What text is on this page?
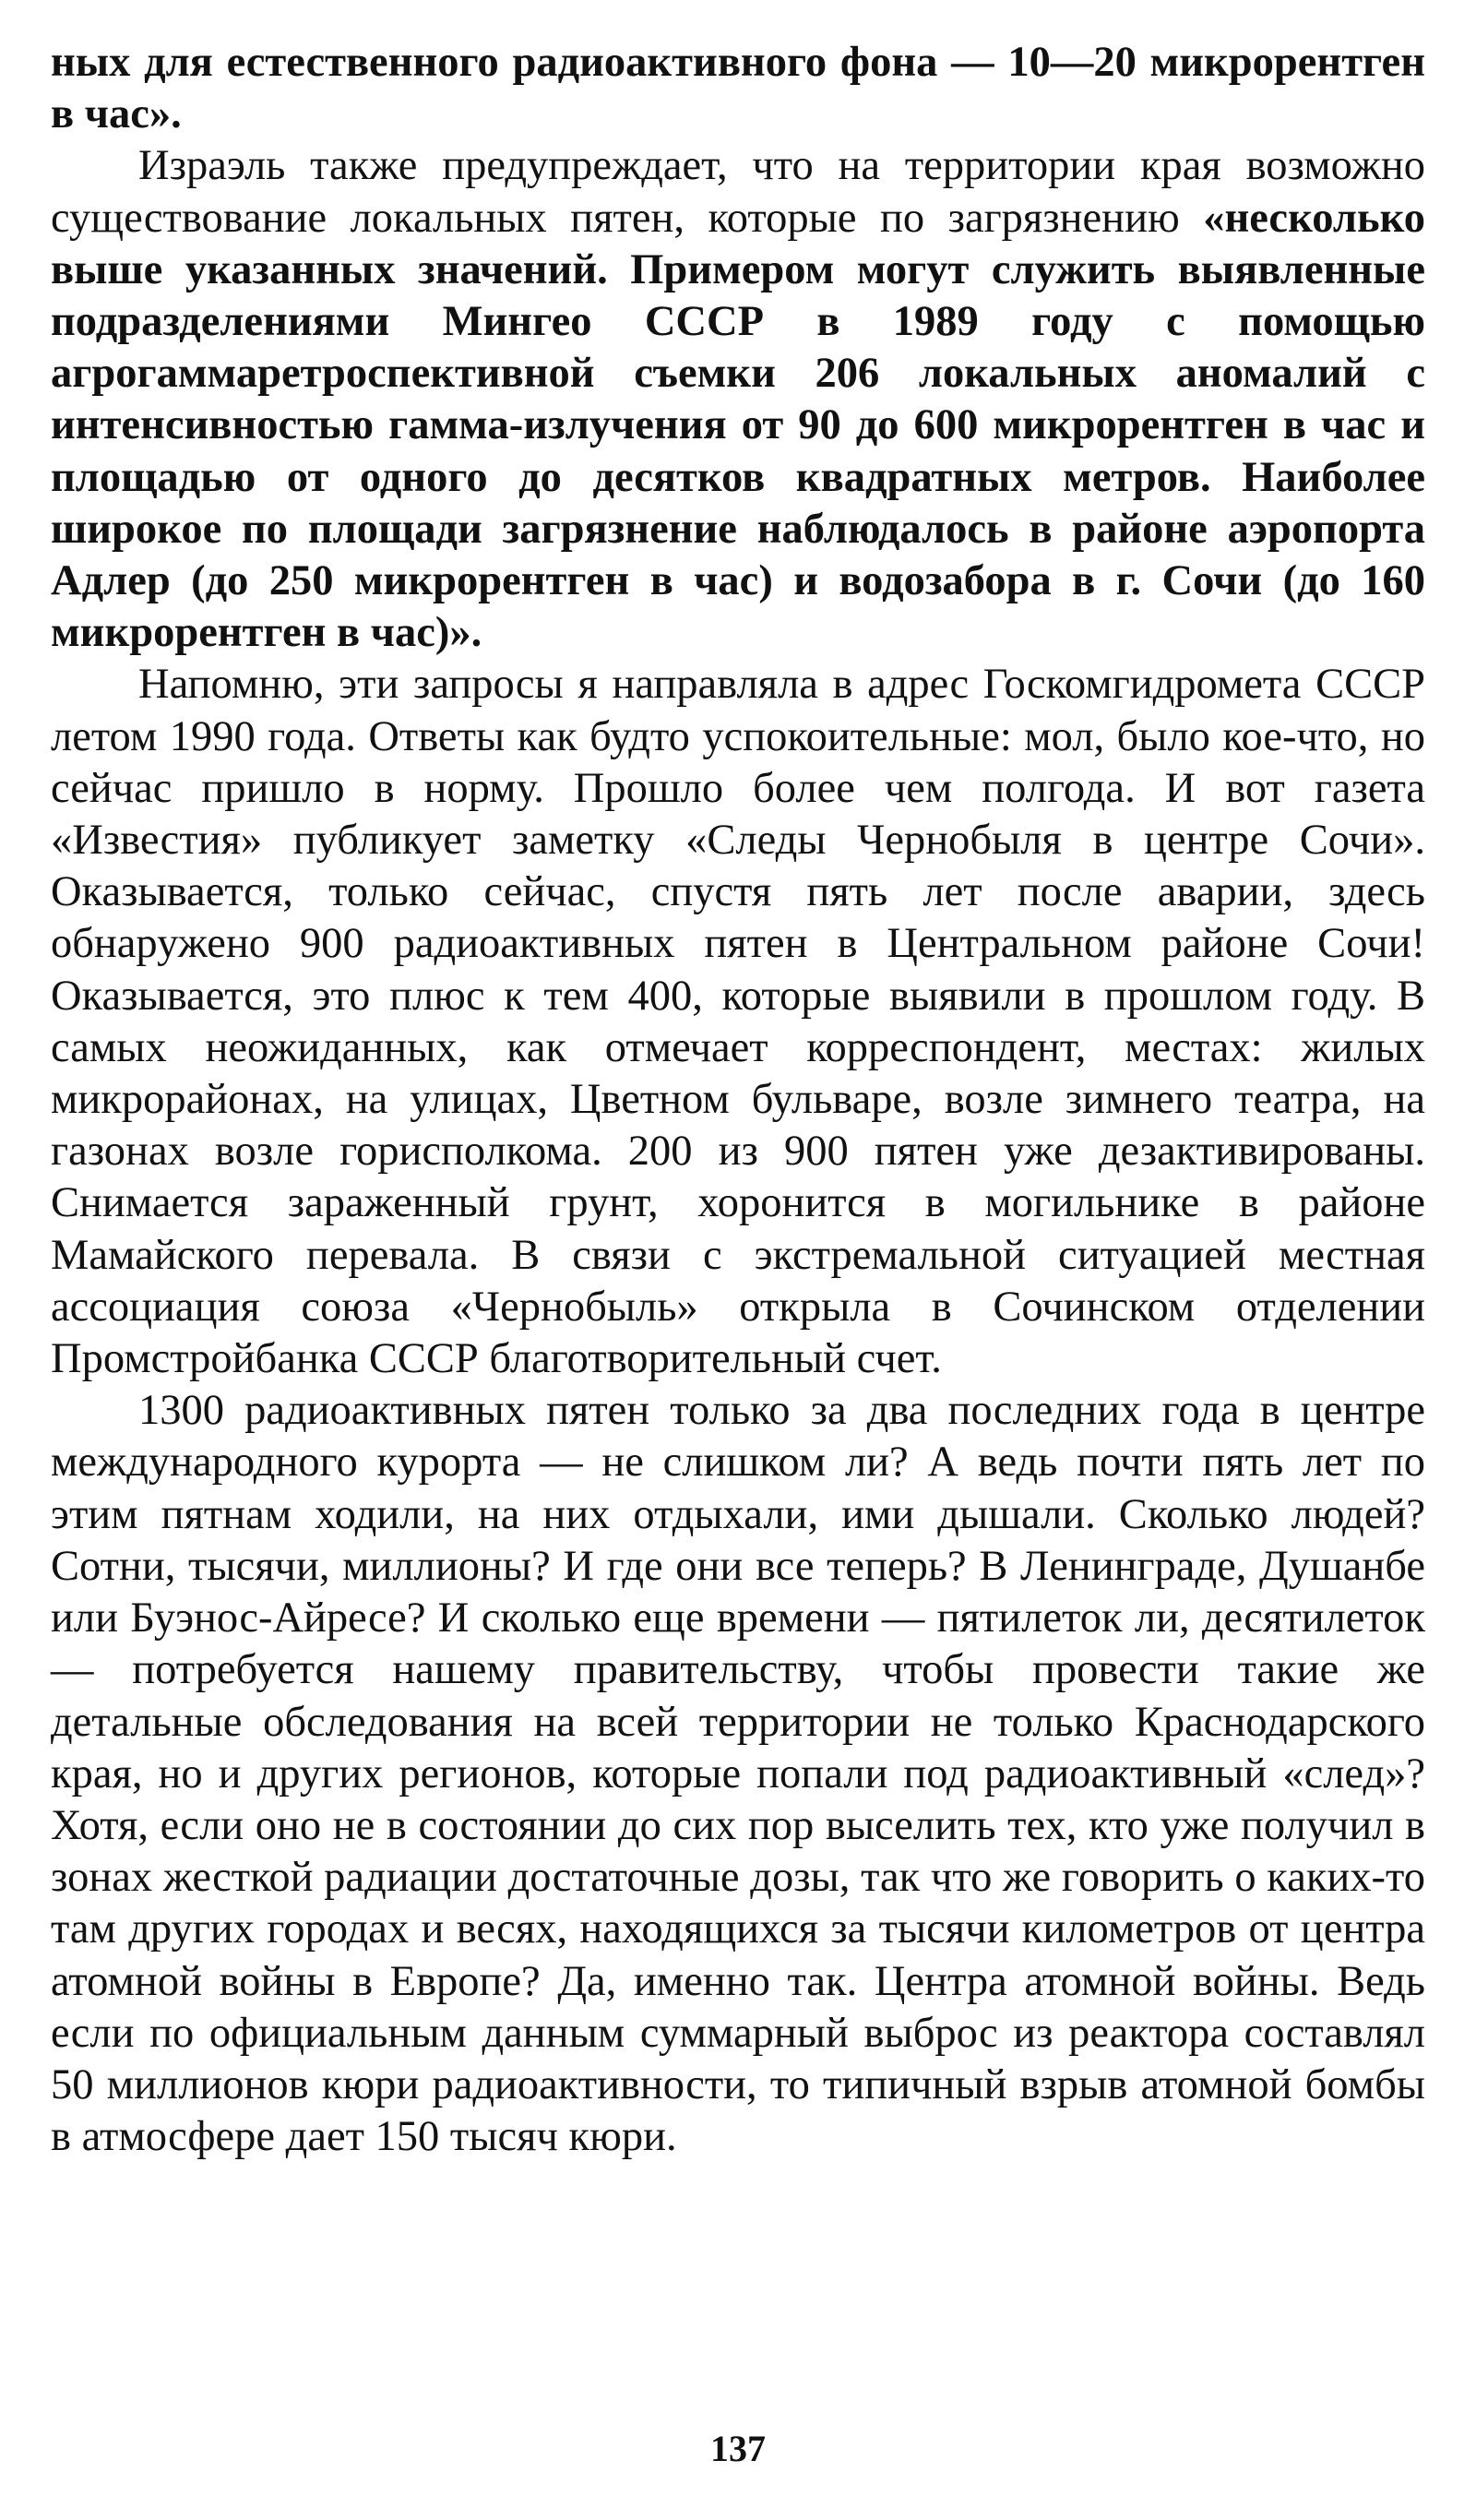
ных для естественного радиоактивного фона — 10—20 микрорентген в час».

Израэль также предупреждает, что на территории края возможно существование локальных пятен, которые по загрязнению «несколько выше указанных значений. Примером могут служить выявленные подразделениями Мингео СССР в 1989 году с помощью агрогаммаретроспективной съемки 206 локальных аномалий с интенсивностью гамма-излучения от 90 до 600 микрорентген в час и площадью от одного до десятков квадратных метров. Наиболее широкое по площади загрязнение наблюдалось в районе аэропорта Адлер (до 250 микрорентген в час) и водозабора в г. Сочи (до 160 микрорентген в час)».

Напомню, эти запросы я направляла в адрес Госкомгидромета СССР летом 1990 года. Ответы как будто успокоительные: мол, было кое-что, но сейчас пришло в норму. Прошло более чем полгода. И вот газета «Известия» публикует заметку «Следы Чернобыля в центре Сочи». Оказывается, только сейчас, спустя пять лет после аварии, здесь обнаружено 900 радиоактивных пятен в Центральном районе Сочи! Оказывается, это плюс к тем 400, которые выявили в прошлом году. В самых неожиданных, как отмечает корреспондент, местах: жилых микрорайонах, на улицах, Цветном бульваре, возле зимнего театра, на газонах возле горисполкома. 200 из 900 пятен уже дезактивированы. Снимается зараженный грунт, хоронится в могильнике в районе Мамайского перевала. В связи с экстремальной ситуацией местная ассоциация союза «Чернобыль» открыла в Сочинском отделении Промстройбанка СССР благотворительный счет.

1300 радиоактивных пятен только за два последних года в центре международного курорта — не слишком ли? А ведь почти пять лет по этим пятнам ходили, на них отдыхали, ими дышали. Сколько людей? Сотни, тысячи, миллионы? И где они все теперь? В Ленинграде, Душанбе или Буэнос-Айресе? И сколько еще времени — пятилеток ли, десятилеток — потребуется нашему правительству, чтобы провести такие же детальные обследования на всей территории не только Краснодарского края, но и других регионов, которые попали под радиоактивный «след»? Хотя, если оно не в состоянии до сих пор выселить тех, кто уже получил в зонах жесткой радиации достаточные дозы, так что же говорить о каких-то там других городах и весях, находящихся за тысячи километров от центра атомной войны в Европе? Да, именно так. Центра атомной войны. Ведь если по официальным данным суммарный выброс из реактора составлял 50 миллионов кюри радиоактивности, то типичный взрыв атомной бомбы в атмосфере дает 150 тысяч кюри.

137
